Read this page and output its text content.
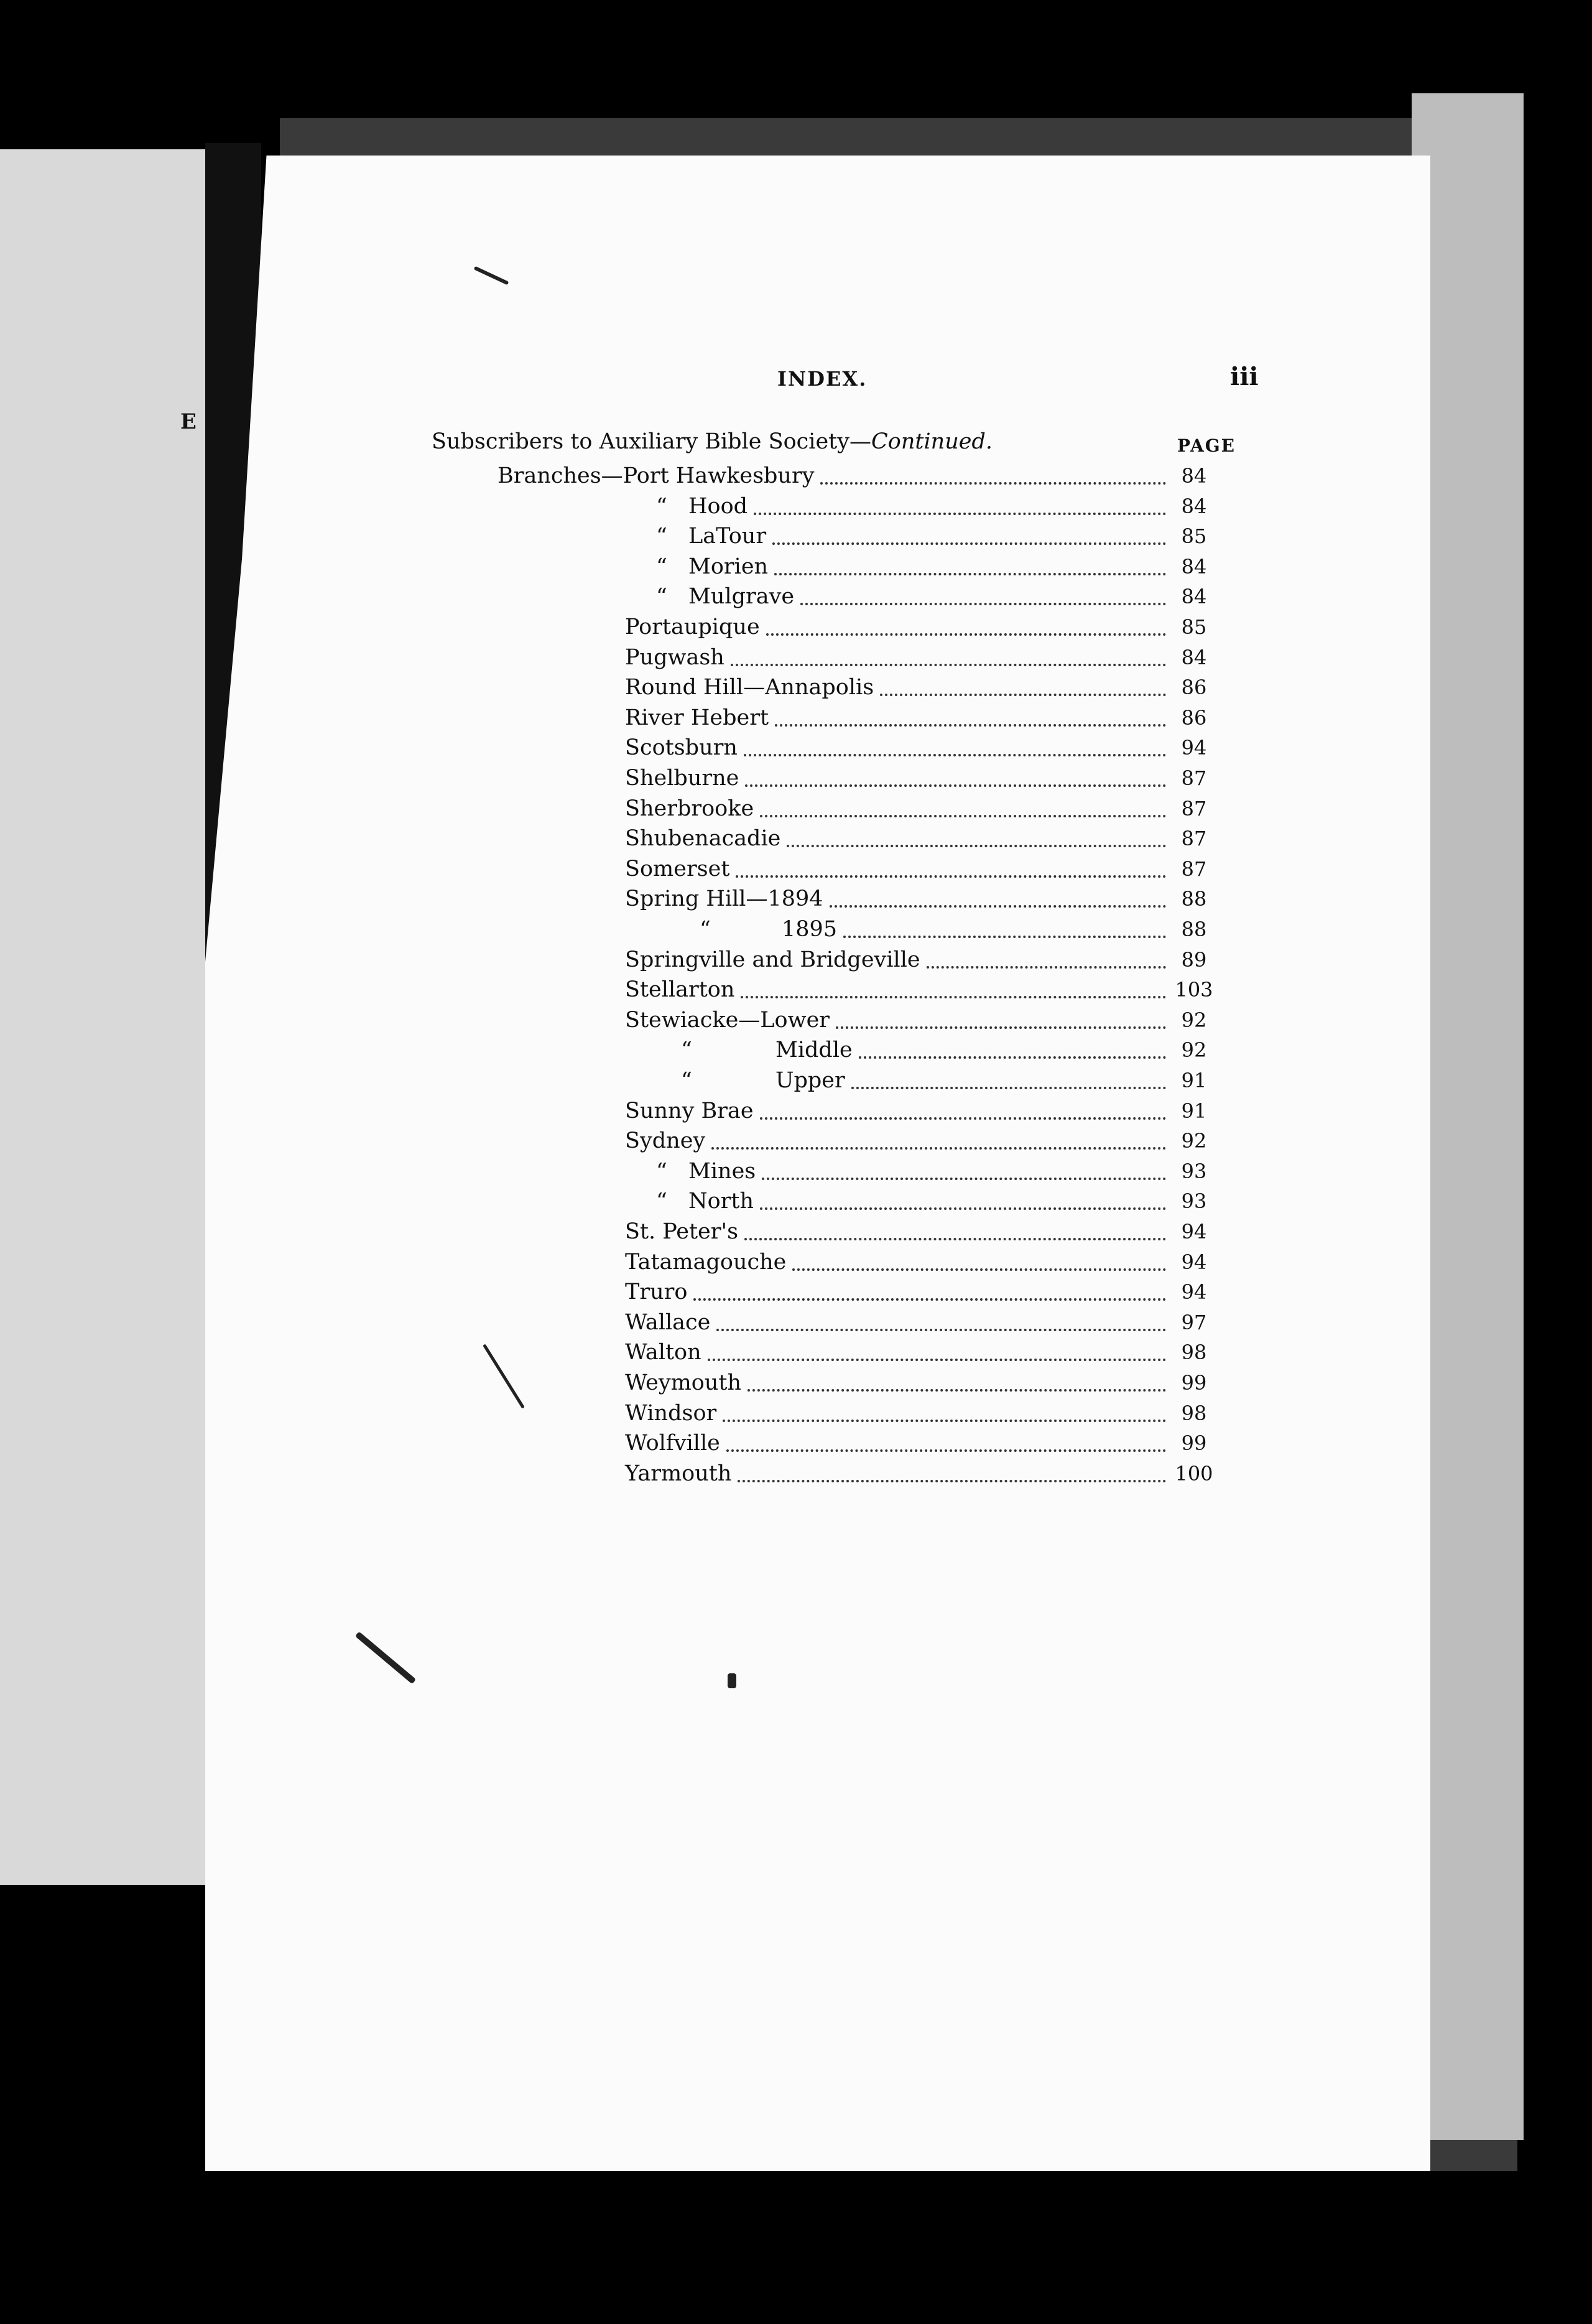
E
INDEX.	iii
Subscribers to Auxiliary Bible Society—Continued.	PAGE
Branches—Port Hawkesbury	84
“ Hood	84
“ LaTour	85
“ Morien	84
“ Mulgrave	84
Portaupique	85
Pugwash	84
Round Hill—Annapolis	86
River Hebert	86
Scotsburn	94
Shelburne	87
Sherbrooke	87
Shubenacadie	87
Somerset	87
Spring Hill—1894	88
“	1895	88
Springville and Bridgeville	89
Stellarton	103
Stewiacke—Lower	92
“	Middle	92
“	Upper	91
Sunny Brae	91
Sydney	92
“ Mines	93
“ North	93
St. Peter's	94
Tatamagouche	94
Truro	94
Wallace	97
Walton	98
Weymouth	99
Windsor	98
Wolfville	99
Yarmouth	100
